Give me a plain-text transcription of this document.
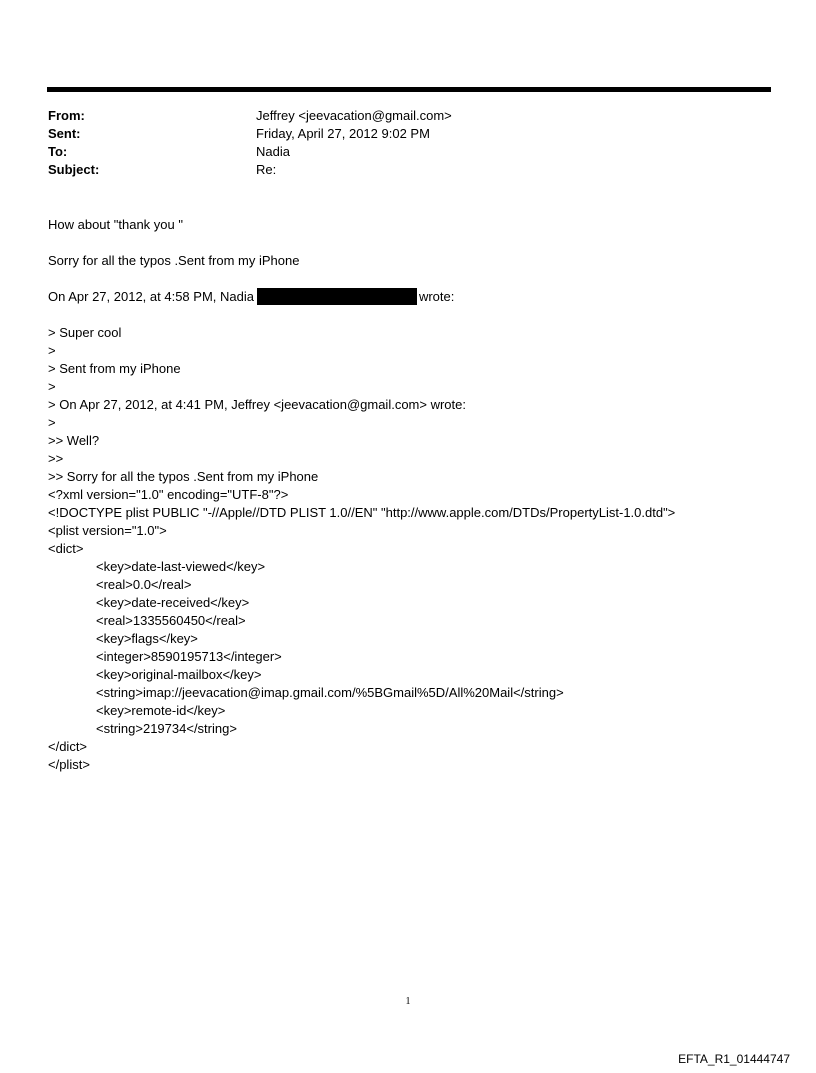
From:	Jeffrey <jeevacation@gmail.com>
Sent:	Friday, April 27, 2012 9:02 PM
To:	Nadia
Subject:	Re:
How about "thank you "
Sorry for all the typos .Sent from my iPhone
On Apr 27, 2012, at 4:58 PM, Nadia	wrote:
> Super cool
>
> Sent from my iPhone
>
> On Apr 27, 2012, at 4:41 PM, Jeffrey <jeevacation@gmail.com> wrote:
>
>> Well?
>>
>> Sorry for all the typos .Sent from my iPhone
<?xml version="1.0" encoding="UTF-8"?>
<!DOCTYPE plist PUBLIC "-//Apple//DTD PLIST 1.0//EN" "http://www.apple.com/DTDs/PropertyList-1.0.dtd">
<plist version="1.0">
<dict>
<key>date-last-viewed</key>
<real>0.0</real>
<key>date-received</key>
<real>1335560450</real>
<key>flags</key>
<integer>8590195713</integer>
<key>original-mailbox</key>
<string>imap://jeevacation@imap.gmail.com/%5BGmail%5D/All%20Mail</string>
<key>remote-id</key>
<string>219734</string>
</dict>
</plist>
1
EFTA_R1_01444747
